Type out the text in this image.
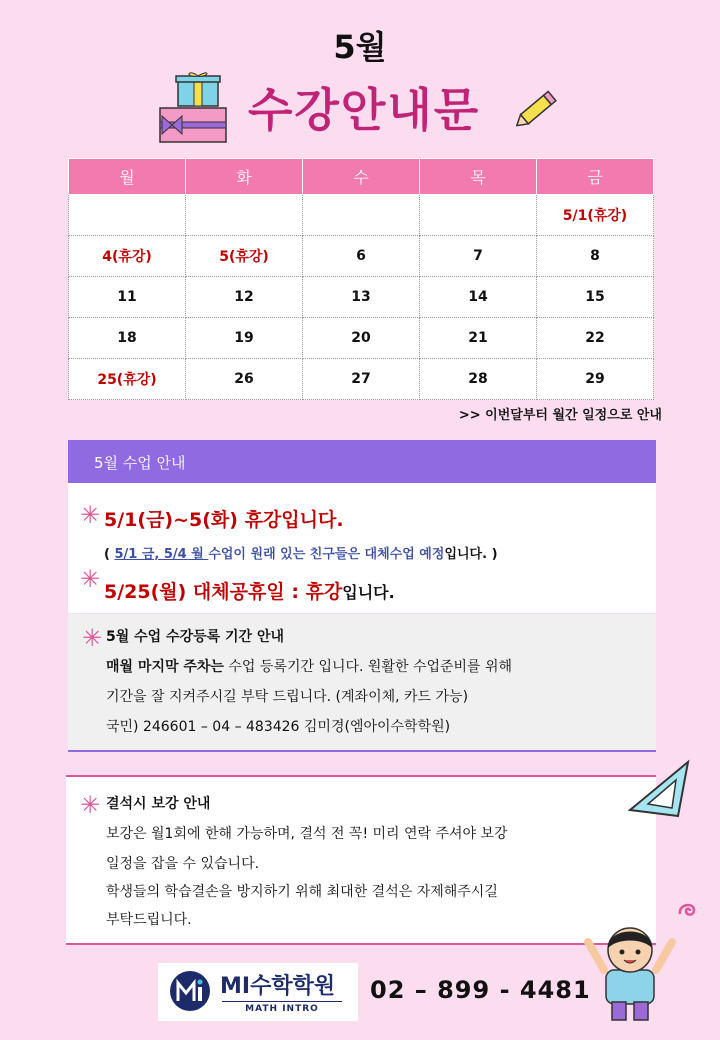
5월
수강안내문
월	화	수	목	금
				5/1(휴강)
4(휴강)	5(휴강)	6	7	8
11	12	13	14	15
18	19	20	21	22
25(휴강)	26	27	28	29
>> 이번달부터 월간 일정으로 안내
5월 수업 안내
✳ 5/1(금)~5(화) 휴강입니다.
( 5/1 금, 5/4 월 수업이 원래 있는 친구들은 대체수업 예정입니다. )
✳ 5/25(월) 대체공휴일 : 휴강입니다.
✳ 5월 수업 수강등록 기간 안내
매월 마지막 주차는 수업 등록기간 입니다. 원활한 수업준비를 위해
기간을 잘 지켜주시길 부탁 드립니다. (계좌이체, 카드 가능)
국민) 246601 – 04 – 483426 김미경(엠아이수학학원)
✳ 결석시 보강 안내
보강은 월1회에 한해 가능하며, 결석 전 꼭! 미리 연락 주셔야 보강
일정을 잡을 수 있습니다.
학생들의 학습결손을 방지하기 위해 최대한 결석은 자제해주시길
부탁드립니다.
MI수학학원
MATH INTRO
02 – 899 - 4481
